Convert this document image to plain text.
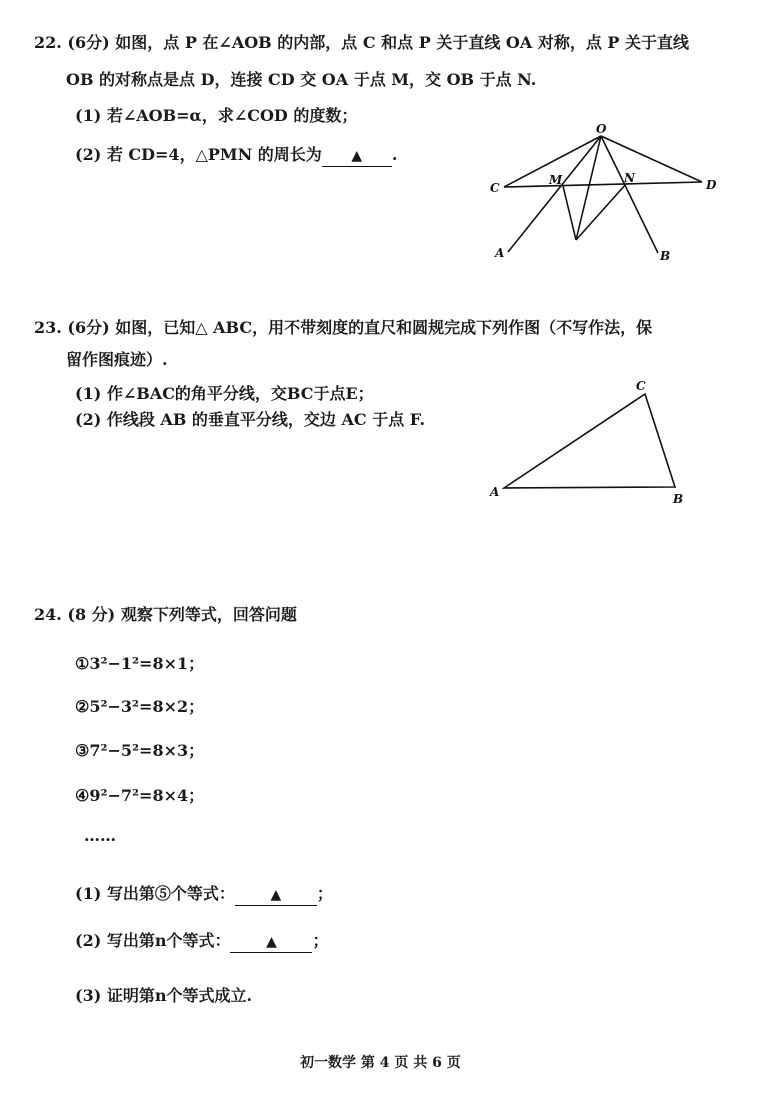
22. (6分) 如图，点 P 在∠AOB 的内部，点 C 和点 P 关于直线 OA 对称，点 P 关于直线
OB 的对称点是点 D，连接 CD 交 OA 于点 M，交 OB 于点 N.
(1) 若∠AOB=α，求∠COD 的度数；
(2) 若 CD=4，△PMN 的周长为 ▲ .
O
C
M	N	D
A	B
23. (6分) 如图，已知△ ABC，用不带刻度的直尺和圆规完成下列作图（不写作法，保
留作图痕迹）.
(1) 作∠BAC的角平分线，交BC于点E；
(2) 作线段 AB 的垂直平分线，交边 AC 于点 F.
A	B
C
24. (8 分) 观察下列等式，回答问题
①3²−1²=8×1；
②5²−3²=8×2；
③7²−5²=8×3；
④9²−7²=8×4；
……
(1) 写出第⑤个等式：	▲ ；
(2) 写出第n个等式：	▲ ；
(3) 证明第n个等式成立.
初一数学 第 4 页 共 6 页
